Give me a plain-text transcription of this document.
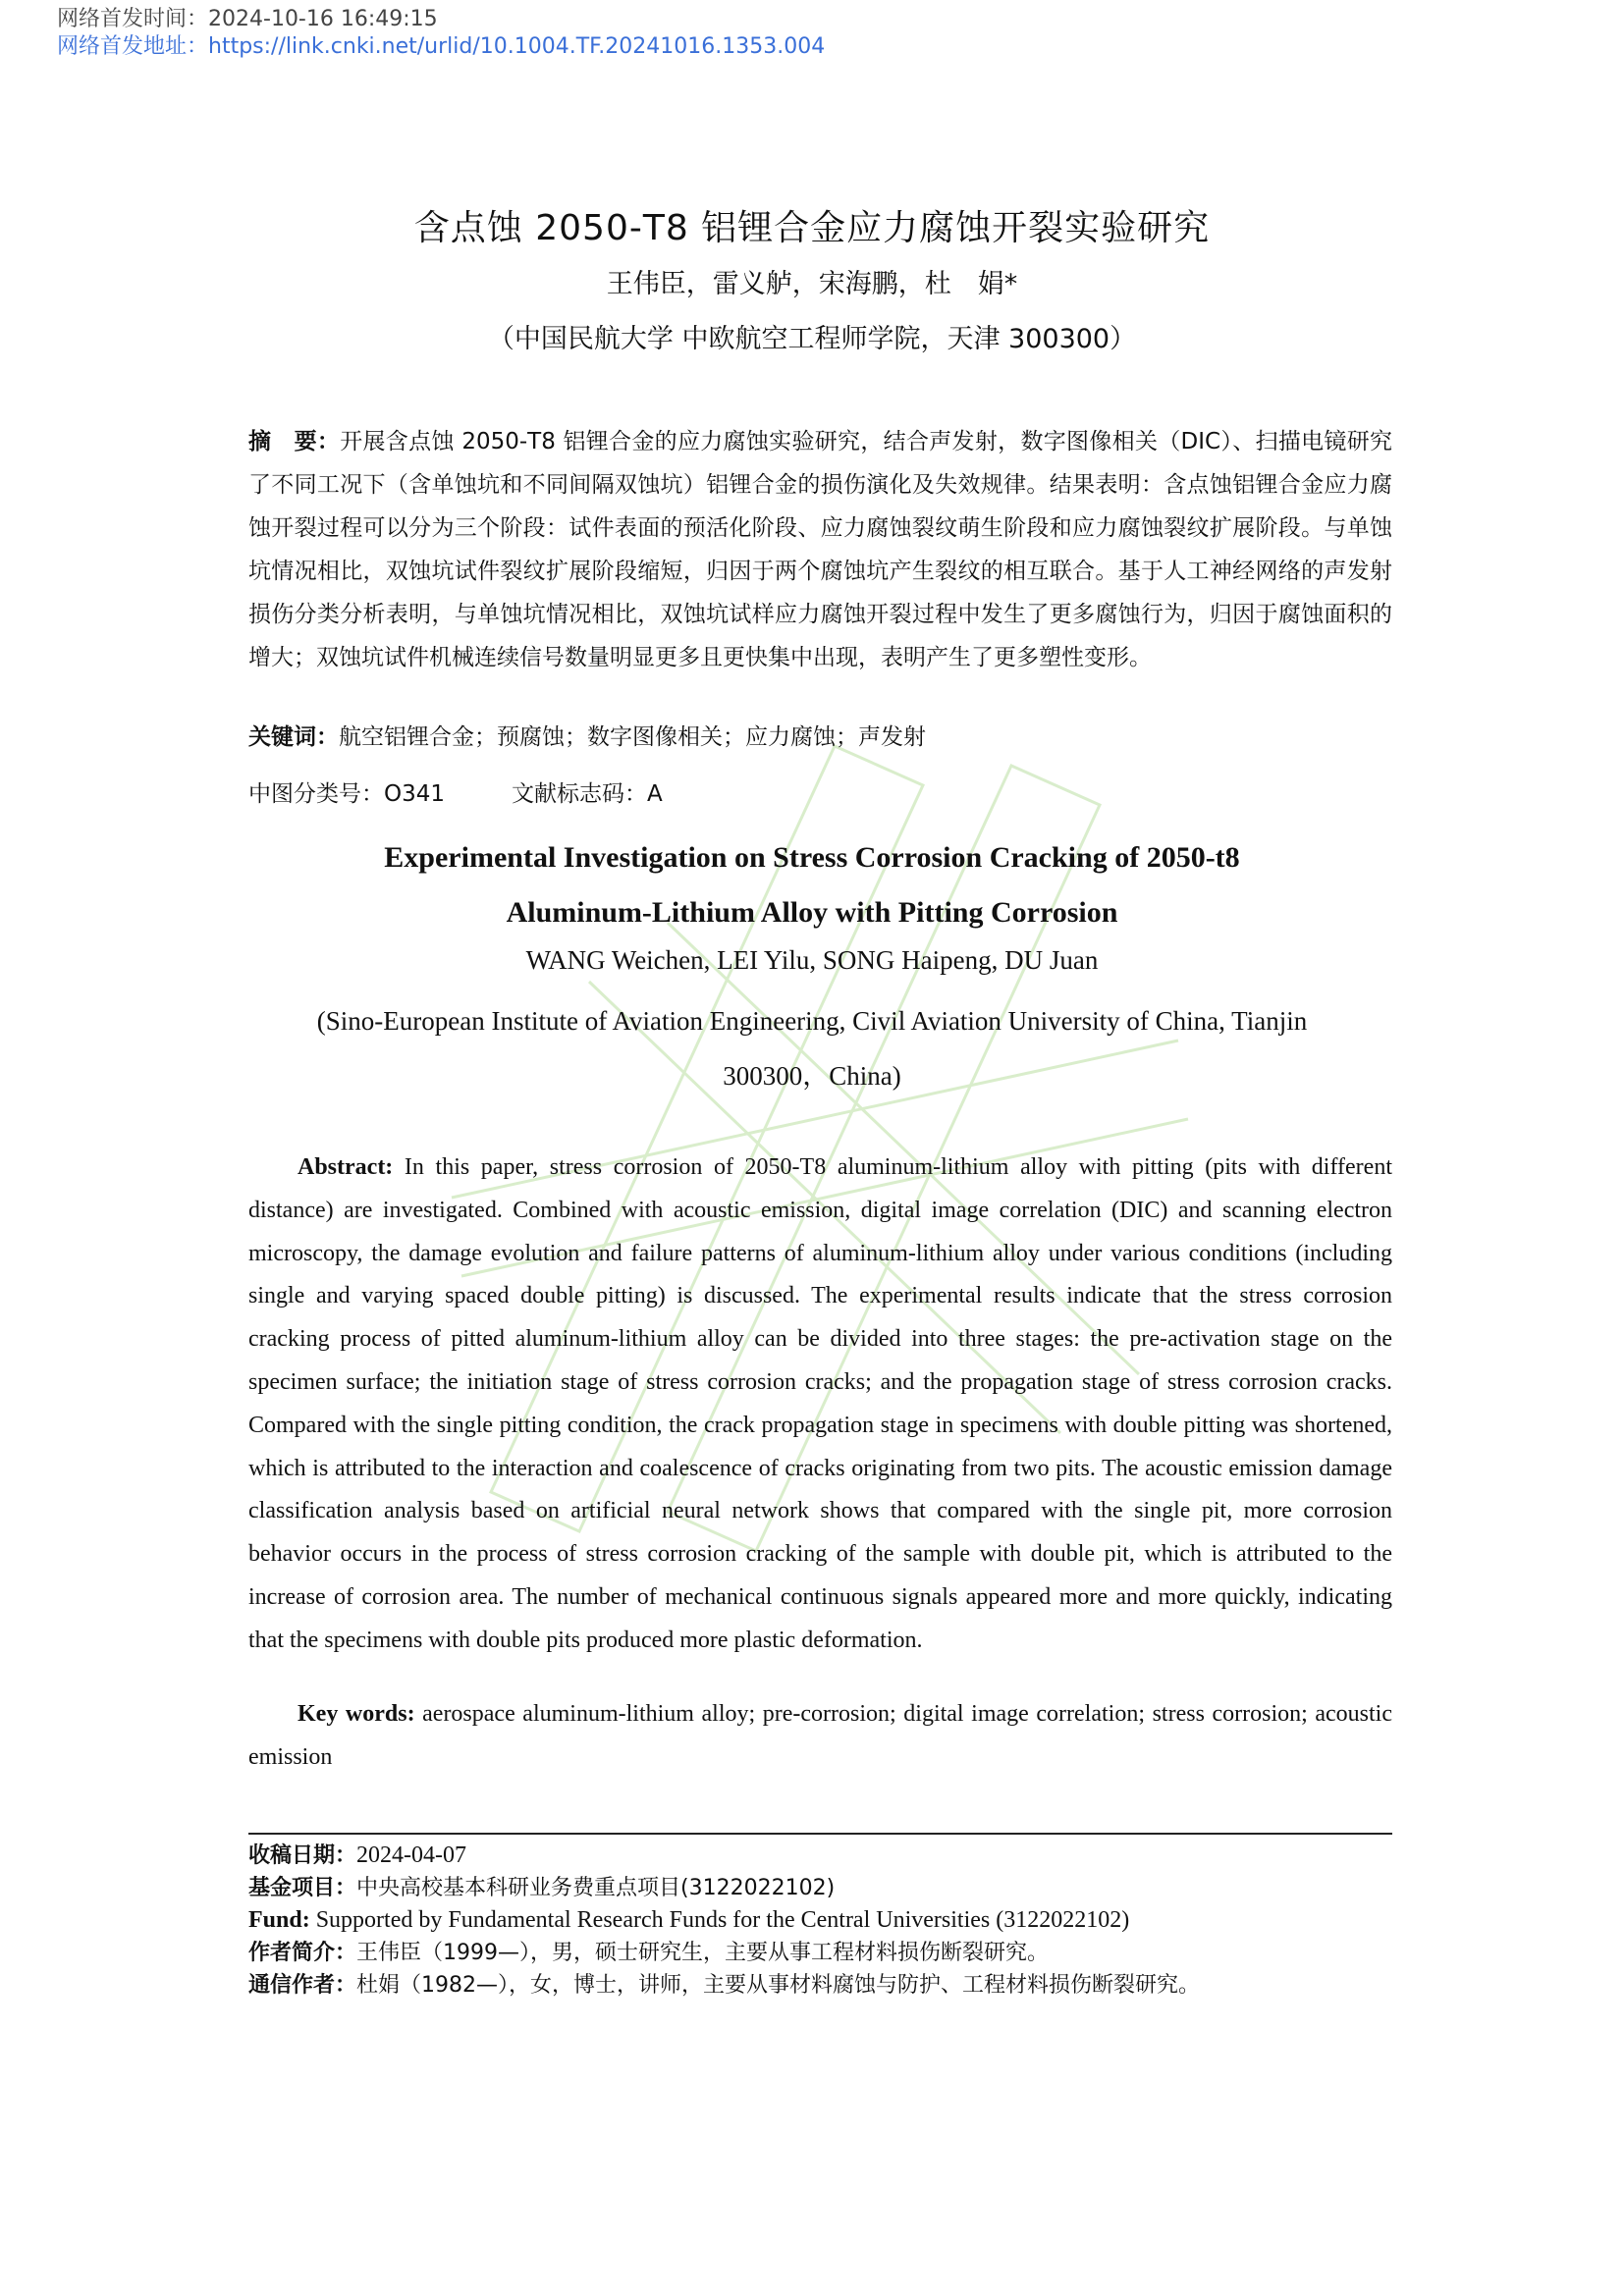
网络首发时间：2024-10-16 16:49:15
网络首发地址：https://link.cnki.net/urlid/10.1004.TF.20241016.1353.004
含点蚀 2050-T8 铝锂合金应力腐蚀开裂实验研究
王伟臣，雷义舻，宋海鹏，杜　娟*
（中国民航大学 中欧航空工程师学院，天津 300300）
摘　要：开展含点蚀 2050-T8 铝锂合金的应力腐蚀实验研究，结合声发射，数字图像相关（DIC）、扫描电镜研究了不同工况下（含单蚀坑和不同间隔双蚀坑）铝锂合金的损伤演化及失效规律。结果表明：含点蚀铝锂合金应力腐蚀开裂过程可以分为三个阶段：试件表面的预活化阶段、应力腐蚀裂纹萌生阶段和应力腐蚀裂纹扩展阶段。与单蚀坑情况相比，双蚀坑试件裂纹扩展阶段缩短，归因于两个腐蚀坑产生裂纹的相互联合。基于人工神经网络的声发射损伤分类分析表明，与单蚀坑情况相比，双蚀坑试样应力腐蚀开裂过程中发生了更多腐蚀行为，归因于腐蚀面积的增大；双蚀坑试件机械连续信号数量明显更多且更快集中出现，表明产生了更多塑性变形。
关键词：航空铝锂合金；预腐蚀；数字图像相关；应力腐蚀；声发射
中图分类号：O341	文献标志码：A
Experimental Investigation on Stress Corrosion Cracking of 2050-t8 Aluminum-Lithium Alloy with Pitting Corrosion
WANG Weichen, LEI Yilu, SONG Haipeng, DU Juan
(Sino-European Institute of Aviation Engineering, Civil Aviation University of China, Tianjin 300300，China)
Abstract: In this paper, stress corrosion of 2050-T8 aluminum-lithium alloy with pitting (pits with different distance) are investigated. Combined with acoustic emission, digital image correlation (DIC) and scanning electron microscopy, the damage evolution and failure patterns of aluminum-lithium alloy under various conditions (including single and varying spaced double pitting) is discussed. The experimental results indicate that the stress corrosion cracking process of pitted aluminum-lithium alloy can be divided into three stages: the pre-activation stage on the specimen surface; the initiation stage of stress corrosion cracks; and the propagation stage of stress corrosion cracks. Compared with the single pitting condition, the crack propagation stage in specimens with double pitting was shortened, which is attributed to the interaction and coalescence of cracks originating from two pits. The acoustic emission damage classification analysis based on artificial neural network shows that compared with the single pit, more corrosion behavior occurs in the process of stress corrosion cracking of the sample with double pit, which is attributed to the increase of corrosion area. The number of mechanical continuous signals appeared more and more quickly, indicating that the specimens with double pits produced more plastic deformation.
Key words: aerospace aluminum-lithium alloy; pre-corrosion; digital image correlation; stress corrosion; acoustic emission
收稿日期：2024-04-07
基金项目：中央高校基本科研业务费重点项目(3122022102)
Fund: Supported by Fundamental Research Funds for the Central Universities (3122022102)
作者简介：王伟臣（1999—），男，硕士研究生，主要从事工程材料损伤断裂研究。
通信作者：杜娟（1982—），女，博士，讲师，主要从事材料腐蚀与防护、工程材料损伤断裂研究。
